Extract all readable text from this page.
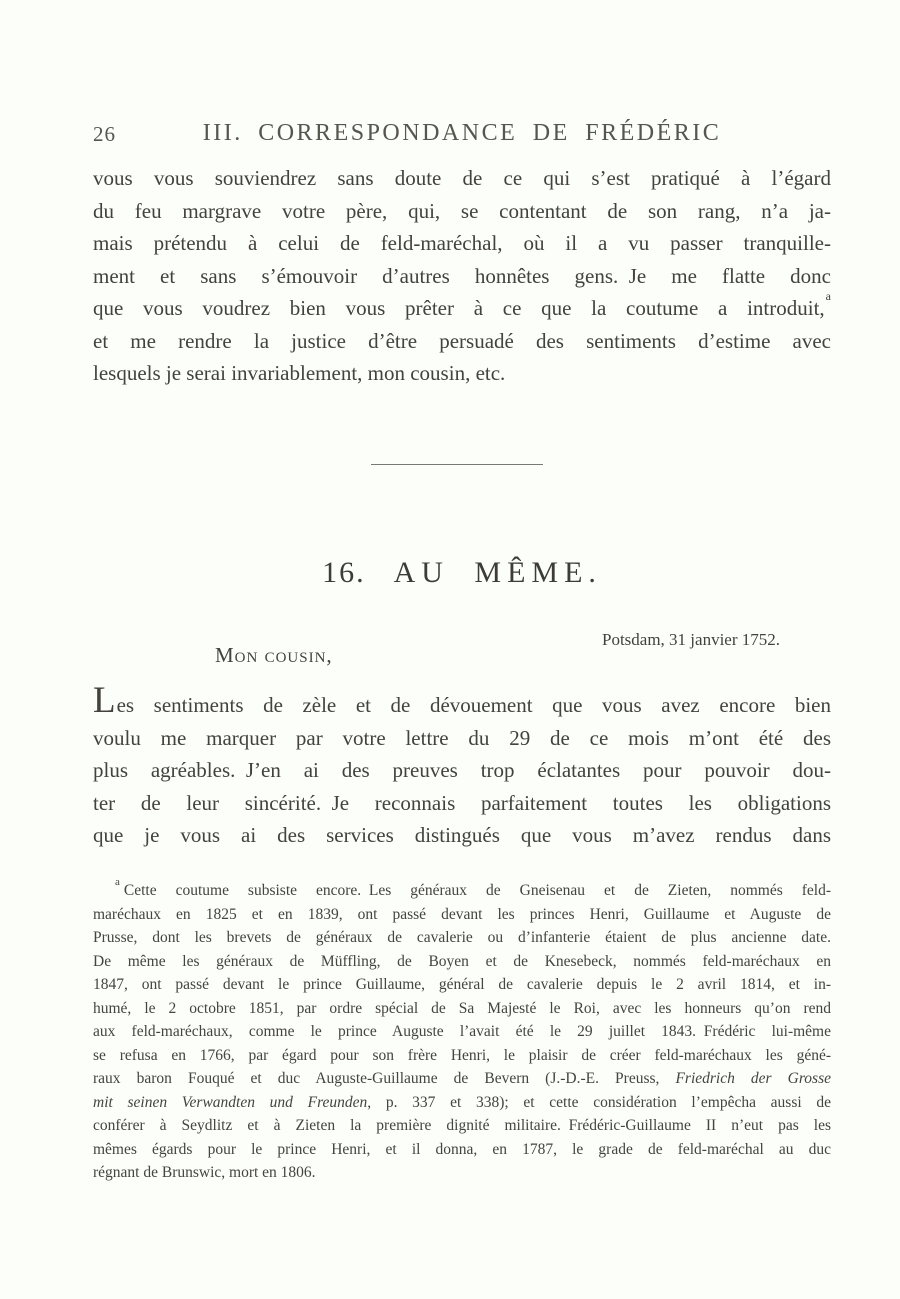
26	III. CORRESPONDANCE DE FRÉDÉRIC
vous vous souviendrez sans doute de ce qui s’est pratiqué à l’égard
du feu margrave votre père, qui, se contentant de son rang, n’a ja-
mais prétendu à celui de feld-maréchal, où il a vu passer tranquille-
ment et sans s’émouvoir d’autres honnêtes gens. Je me flatte donc
que vous voudrez bien vous prêter à ce que la coutume a introduit,$^a$
et me rendre la justice d’être persuadé des sentiments d’estime avec
lesquels je serai invariablement, mon cousin, etc.
16. AU MÊME.
Potsdam, 31 janvier 1752.
Mon cousin,
Les sentiments de zèle et de dévouement que vous avez encore bien
voulu me marquer par votre lettre du 29 de ce mois m’ont été des
plus agréables. J’en ai des preuves trop éclatantes pour pouvoir dou-
ter de leur sincérité. Je reconnais parfaitement toutes les obligations
que je vous ai des services distingués que vous m’avez rendus dans
$^a$Cette coutume subsiste encore. Les généraux de Gneisenau et de Zieten, nommés feld-
maréchaux en 1825 et en 1839, ont passé devant les princes Henri, Guillaume et Auguste de
Prusse, dont les brevets de généraux de cavalerie ou d’infanterie étaient de plus ancienne date.
De même les généraux de Müffling, de Boyen et de Knesebeck, nommés feld-maréchaux en
1847, ont passé devant le prince Guillaume, général de cavalerie depuis le 2 avril 1814, et in-
humé, le 2 octobre 1851, par ordre spécial de Sa Majesté le Roi, avec les honneurs qu’on rend
aux feld-maréchaux, comme le prince Auguste l’avait été le 29 juillet 1843. Frédéric lui-même
se refusa en 1766, par égard pour son frère Henri, le plaisir de créer feld-maréchaux les géné-
raux baron Fouqué et duc Auguste-Guillaume de Bevern (J.-D.-E. Preuss, Friedrich der Grosse
mit seinen Verwandten und Freunden, p. 337 et 338); et cette considération l’empêcha aussi de
conférer à Seydlitz et à Zieten la première dignité militaire. Frédéric-Guillaume II n’eut pas les
mêmes égards pour le prince Henri, et il donna, en 1787, le grade de feld-maréchal au duc
régnant de Brunswic, mort en 1806.
